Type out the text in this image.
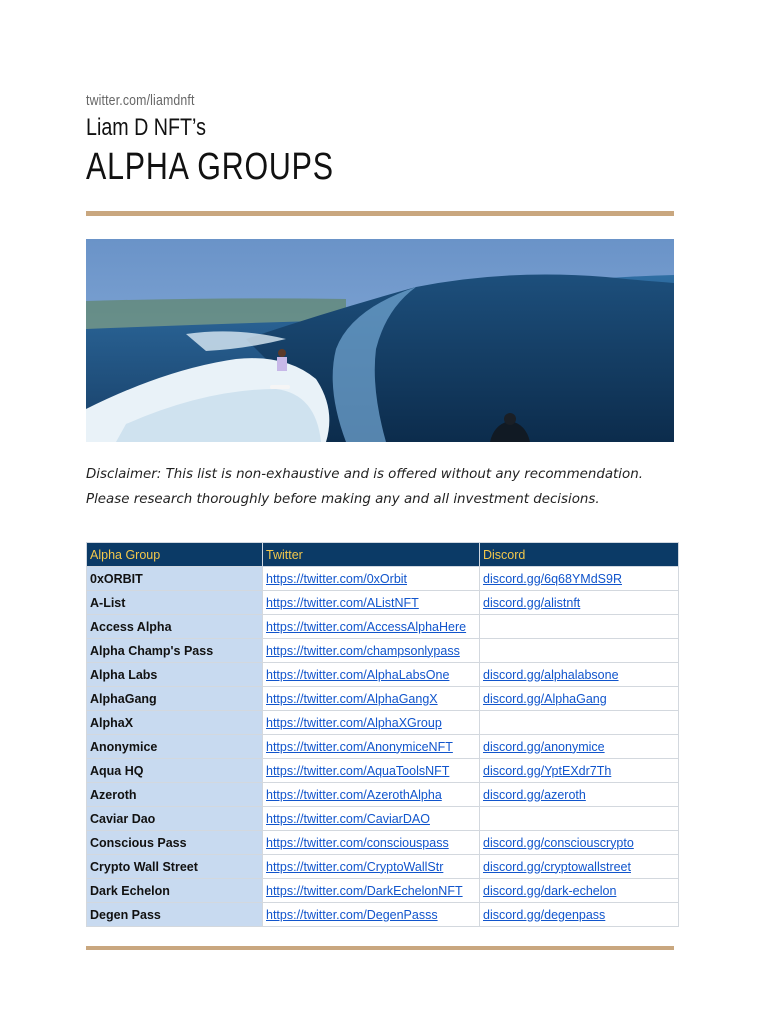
twitter.com/liamdnft
Liam D NFT’s
ALPHA GROUPS
Disclaimer: This list is non-exhaustive and is offered without any recommendation. Please research thoroughly before making any and all investment decisions.
Alpha Group	Twitter	Discord
0xORBIT	https://twitter.com/0xOrbit	discord.gg/6q68YMdS9R
A-List	https://twitter.com/AListNFT	discord.gg/alistnft
Access Alpha	https://twitter.com/AccessAlphaHere	
Alpha Champ's Pass	https://twitter.com/champsonlypass	
Alpha Labs	https://twitter.com/AlphaLabsOne	discord.gg/alphalabsone
AlphaGang	https://twitter.com/AlphaGangX	discord.gg/AlphaGang
AlphaX	https://twitter.com/AlphaXGroup	
Anonymice	https://twitter.com/AnonymiceNFT	discord.gg/anonymice
Aqua HQ	https://twitter.com/AquaToolsNFT	discord.gg/YptEXdr7Th
Azeroth	https://twitter.com/AzerothAlpha	discord.gg/azeroth
Caviar Dao	https://twitter.com/CaviarDAO	
Conscious Pass	https://twitter.com/consciouspass	discord.gg/consciouscrypto
Crypto Wall Street	https://twitter.com/CryptoWallStr	discord.gg/cryptowallstreet
Dark Echelon	https://twitter.com/DarkEchelonNFT	discord.gg/dark-echelon
Degen Pass	https://twitter.com/DegenPasss	discord.gg/degenpass
